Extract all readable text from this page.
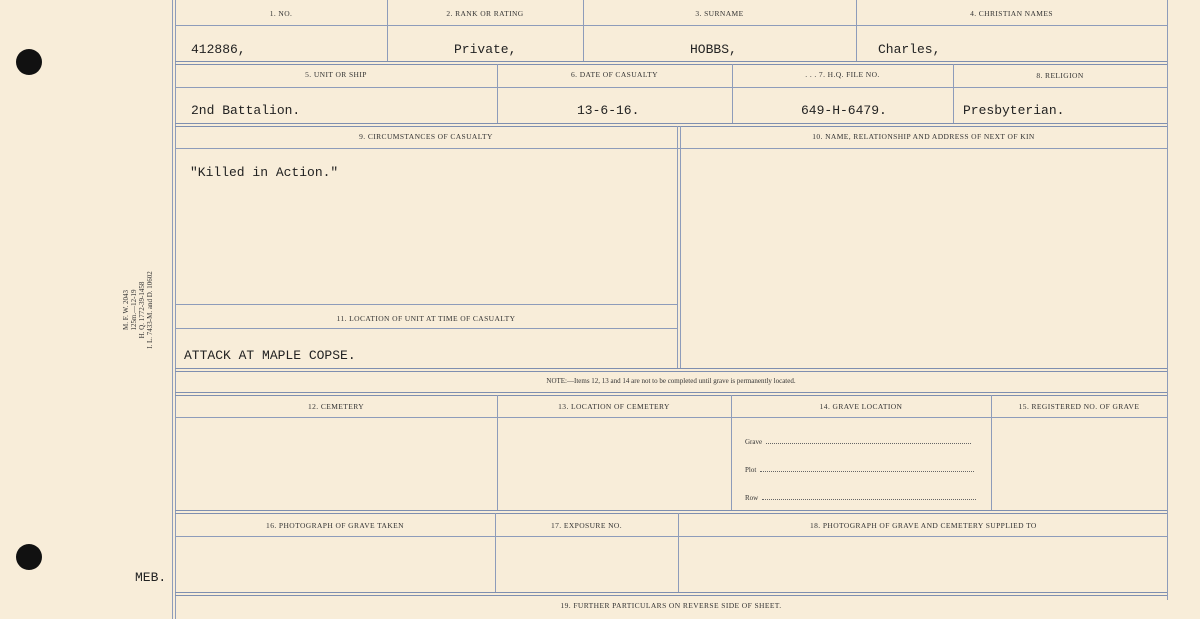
M. F. W. 2043 125m.—12-19 H. Q. 1772-39-1458 I. L. 7433-M. and D. 10602
MEB.
1. NO.	2. RANK OR RATING	3. SURNAME	4. CHRISTIAN NAMES
412886,	Private,	HOBBS,	Charles,
5. UNIT OR SHIP	6. DATE OF CASUALTY	. . . 7. H.Q. FILE NO.	8. RELIGION
2nd Battalion.	13-6-16.	649-H-6479.	Presbyterian.
9. CIRCUMSTANCES OF CASUALTY	10. NAME, RELATIONSHIP AND ADDRESS OF NEXT OF KIN
"Killed in Action."
11. LOCATION OF UNIT AT TIME OF CASUALTY
ATTACK AT MAPLE COPSE.
NOTE:—Items 12, 13 and 14 are not to be completed until grave is permanently located.
12. CEMETERY	13. LOCATION OF CEMETERY	14. GRAVE LOCATION	15. REGISTERED NO. OF GRAVE
Grave
Plot
Row
16. PHOTOGRAPH OF GRAVE TAKEN	17. EXPOSURE NO.	18. PHOTOGRAPH OF GRAVE AND CEMETERY SUPPLIED TO
19. FURTHER PARTICULARS ON REVERSE SIDE OF SHEET.
